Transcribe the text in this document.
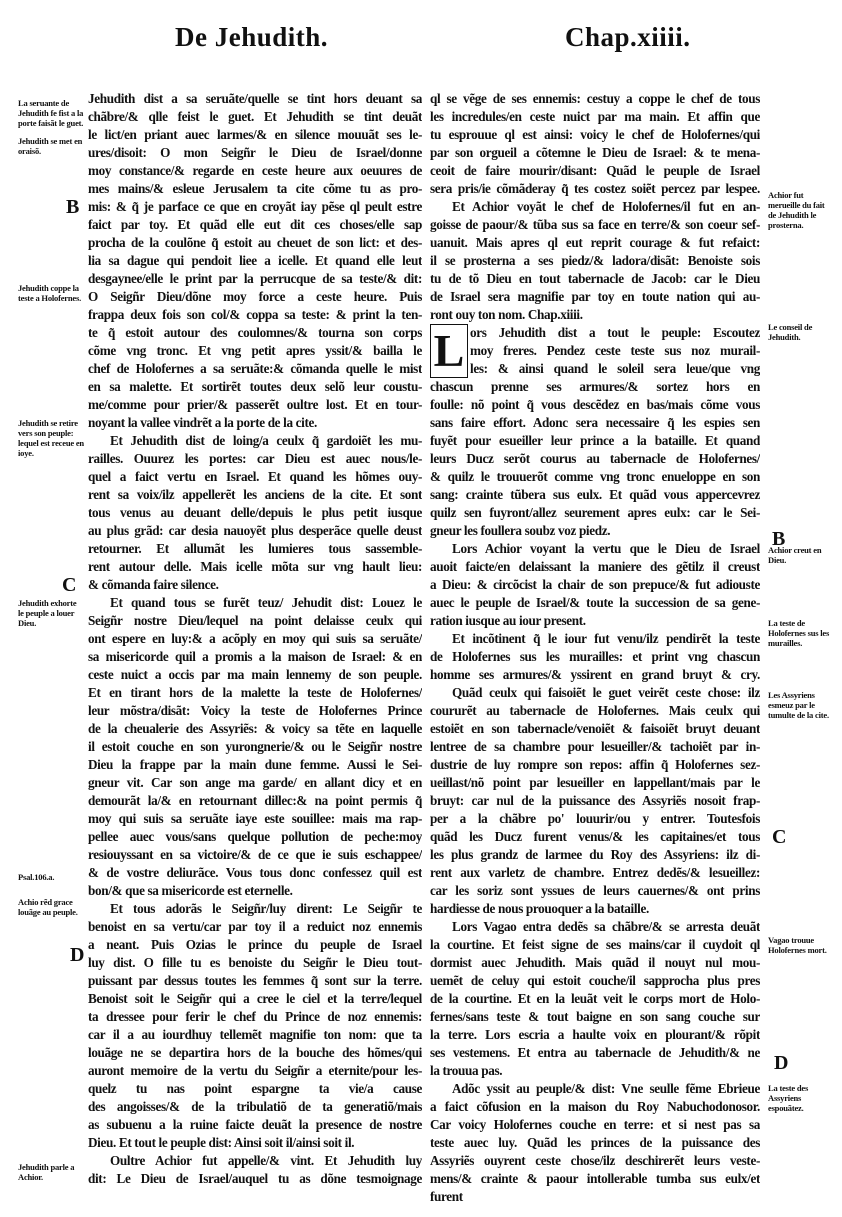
De Jehudith.	Chap.xiiii.
Jehudith dist a sa seruãte/quelle se tint hors deuant sa
chãbre/& qlle feist le guet. Et Jehudith se tint deuãt
le lict/en priant auec larmes/& en silence mouuãt ses le-
ures/disoit: O mon Seigñr le Dieu de Israel/donne
moy constance/& regarde en ceste heure aux oeuures de
mes mains/& esleue Jerusalem ta cite cõme tu as pro-
mis: & q̃ je parface ce que en croyãt iay pẽse ql peult estre
faict par toy. Et quãd elle eut dit ces choses/elle sap
procha de la coulõne q̃ estoit au cheuet de son lict: et des-
lia sa dague qui pendoit liee a icelle. Et quand elle leut
desgaynee/elle le print par la perrucque de sa teste/& dit:
O Seigñr Dieu/dõne moy force a ceste heure. Puis
frappa deux fois son col/& coppa sa teste: & print la ten-
te q̃ estoit autour des coulomnes/& tourna son corps
cõme vng tronc. Et vng petit apres yssit/& bailla le
chef de Holofernes a sa seruãte:& cõmanda quelle le mist
en sa malette. Et sortirẽt toutes deux selõ leur coustu-
me/comme pour prier/& passerẽt oultre lost. Et en tour-
noyant la vallee vindrẽt a la porte de la cite.
Et Jehudith dist de loing/a ceulx q̃ gardoiẽt les mu-
railles. Ouurez les portes: car Dieu est auec nous/le-
quel a faict vertu en Israel. Et quand les hõmes ouy-
rent sa voix/ilz appellerẽt les anciens de la cite. Et sont
tous venus au deuant delle/depuis le plus petit iusque
au plus grãd: car desia nauoyẽt plus desperãce quelle deust
retourner. Et allumãt les lumieres tous sassemble-
rent autour delle. Mais icelle mõta sur vng hault lieu:
& cõmanda faire silence.
Et quand tous se furẽt teuz/ Jehudit dist: Louez le
Seigñr nostre Dieu/lequel na point delaisse ceulx qui
ont espere en luy:& a acõply en moy qui suis sa seruãte/
sa misericorde quil a promis a la maison de Israel: & en
ceste nuict a occis par ma main lennemy de son peuple.
Et en tirant hors de la malette la teste de Holofernes/
leur mõstra/disãt: Voicy la teste de Holofernes Prince
de la cheualerie des Assyriẽs: & voicy sa tẽte en laquelle
il estoit couche en son yurongnerie/& ou le Seigñr nostre
Dieu la frappe par la main dune femme. Aussi le Sei-
gneur vit. Car son ange ma garde/ en allant dicy et en
demourãt la/& en retournant dillec:& na point permis q̃
moy qui suis sa seruãte iaye este souillee: mais ma rap-
pellee auec vous/sans quelque pollution de peche:moy
resiouyssant en sa victoire/& de ce que ie suis eschappee/
& de vostre deliurãce. Vous tous donc confessez quil est
bon/& que sa misericorde est eternelle.
Et tous adorãs le Seigñr/luy dirent: Le Seigñr te
benoist en sa vertu/car par toy il a reduict noz ennemis
a neant. Puis Ozias le prince du peuple de Israel
luy dist. O fille tu es benoiste du Seigñr le Dieu tout-
puissant par dessus toutes les femmes q̃ sont sur la terre.
Benoist soit le Seigñr qui a cree le ciel et la terre/lequel
ta dressee pour ferir le chef du Prince de noz ennemis:
car il a au iourdhuy tellemẽt magnifie ton nom: que ta
louãge ne se departira hors de la bouche des hõmes/qui
auront memoire de la vertu du Seigñr a eternite/pour les-
quelz tu nas point espargne ta vie/a cause
des angoisses/& de la tribulatiõ de ta generatiõ/mais
as subuenu a la ruine faicte deuãt la presence de nostre
Dieu. Et tout le peuple dist: Ainsi soit il/ainsi soit il.
Oultre Achior fut appelle/& vint. Et Jehudith luy
dit: Le Dieu de Israel/auquel tu as dõne tesmoignage
L
ql se vẽge de ses ennemis: cestuy a coppe le chef de tous
les incredules/en ceste nuict par ma main. Et affin que
tu esprouue ql est ainsi: voicy le chef de Holofernes/qui
par son orgueil a cõtemne le Dieu de Israel: & te mena-
ceoit de faire mourir/disant: Quãd le peuple de Israel
sera pris/ie cõmãderay q̃ tes costez soiẽt percez par lespee.
Et Achior voyãt le chef de Holofernes/il fut en an-
goisse de paour/& tũba sus sa face en terre/& son coeur sef-
uanuit. Mais apres ql eut reprit courage & fut refaict:
il se prosterna a ses piedz/& ladora/disãt: Benoiste sois
tu de tõ Dieu en tout tabernacle de Jacob: car le Dieu
de Israel sera magnifie par toy en toute nation qui au-
ront ouy ton nom. Chap.xiiii.
ors Jehudith dist a tout le peuple: Escoutez
moy freres. Pendez ceste teste sus noz murail-
les: & ainsi quand le soleil sera leue/que vng
chascun prenne ses armures/& sortez hors en
foulle: nõ point q̃ vous descẽdez en bas/mais cõme vous
sans faire effort. Adonc sera necessaire q̃ les espies sen
fuyẽt pour esueiller leur prince a la bataille. Et quand
leurs Ducz serõt courus au tabernacle de Holofernes/
& quilz le trouuerõt comme vng tronc enueloppe en son
sang: crainte tũbera sus eulx. Et quãd vous appercevrez
quilz sen fuyront/allez seurement apres eulx: car le Sei-
gneur les foullera soubz voz piedz.
Lors Achior voyant la vertu que le Dieu de Israel
auoit faicte/en delaissant la maniere des gẽtilz il creust
a Dieu: & circõcist la chair de son prepuce/& fut adiouste
auec le peuple de Israel/& toute la succession de sa gene-
ration iusque au iour present.
Et incõtinent q̃ le iour fut venu/ilz pendirẽt la teste
de Holofernes sus les murailles: et print vng chascun
homme ses armures/& yssirent en grand bruyt & cry.
Quãd ceulx qui faisoiẽt le guet veirẽt ceste chose: ilz
coururẽt au tabernacle de Holofernes. Mais ceulx qui
estoiẽt en son tabernacle/venoiẽt & faisoiẽt bruyt deuant
lentree de sa chambre pour lesueiller/& tachoiẽt par in-
dustrie de luy rompre son repos: affin q̃ Holofernes sez-
ueillast/nõ point par lesueiller en lappellant/mais par le
bruyt: car nul de la puissance des Assyriẽs nosoit frap-
per a la chãbre po' louurir/ou y entrer. Toutesfois
quãd les Ducz furent venus/& les capitaines/et tous
les plus grandz de larmee du Roy des Assyriens: ilz di-
rent aux varletz de chambre. Entrez dedẽs/& lesueillez:
car les soriz sont yssues de leurs cauernes/& ont prins
hardiesse de nous prouoquer a la bataille.
Lors Vagao entra dedẽs sa chãbre/& se arresta deuãt
la courtine. Et feist signe de ses mains/car il cuydoit ql
dormist auec Jehudith. Mais quãd il nouyt nul mou-
uemẽt de celuy qui estoit couche/il sapprocha plus pres
de la courtine. Et en la leuãt veit le corps mort de Holo-
fernes/sans teste & tout baigne en son sang couche sur
la terre. Lors escria a haulte voix en plourant/& rõpit
ses vestemens. Et entra au tabernacle de Jehudith/& ne
la trouua pas.
Adõc yssit au peuple/& dist: Vne seulle fẽme Ebrieue
a faict cõfusion en la maison du Roy Nabuchodonosor.
Car voicy Holofernes couche en terre: et si nest pas sa
teste auec luy. Quãd les princes de la puissance des
Assyriẽs ouyrent ceste chose/ilz deschirerẽt leurs veste-
mens/& crainte & paour intollerable tumba sus eulx/et
furent
La seruante de Jehudith fe fist a la porte faisãt le guet.
Jehudith se met en oraisõ.
Jehudith coppe la teste a Holofernes.
Jehudith se retire vers son peuple: lequel est receue en ioye.
Jehudith exhorte le peuple a louer Dieu.
Psal.106.a.
Achio rẽd grace louãge au peuple.
Jehudith parle a Achior.
Achior fut merueille du fait de Jehudith le prosterna.
Le conseil de Jehudith.
Achior creut en Dieu.
La teste de Holofernes sus les murailles.
Les Assyriens esmeuz par le tumulte de la cite.
Vagao trouue Holofernes mort.
La teste des Assyriens espouãtez.
B
C
D
B
C
D
